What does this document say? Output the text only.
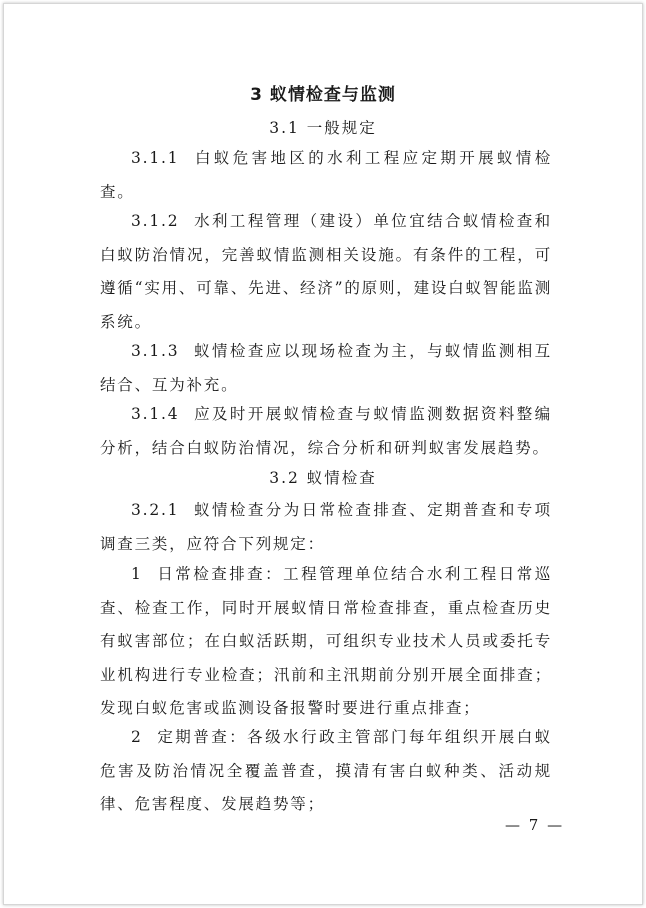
3 蚁情检查与监测
3.1 一般规定

3.1.1 白蚁危害地区的水利工程应定期开展蚁情检查。

3.1.2 水利工程管理（建设）单位宜结合蚁情检查和白蚁防治情况，完善蚁情监测相关设施。有条件的工程，可遵循“实用、可靠、先进、经济”的原则，建设白蚁智能监测系统。

3.1.3 蚁情检查应以现场检查为主，与蚁情监测相互结合、互为补充。

3.1.4 应及时开展蚁情检查与蚁情监测数据资料整编分析，结合白蚁防治情况，综合分析和研判蚁害发展趋势。

3.2 蚁情检查

3.2.1 蚁情检查分为日常检查排查、定期普查和专项调查三类，应符合下列规定：

1 日常检查排查：工程管理单位结合水利工程日常巡查、检查工作，同时开展蚁情日常检查排查，重点检查历史有蚁害部位；在白蚁活跃期，可组织专业技术人员或委托专业机构进行专业检查；汛前和主汛期前分别开展全面排查；发现白蚁危害或监测设备报警时要进行重点排查；

2 定期普查：各级水行政主管部门每年组织开展白蚁危害及防治情况全覆盖普查，摸清有害白蚁种类、活动规律、危害程度、发展趋势等；

— 7 —
